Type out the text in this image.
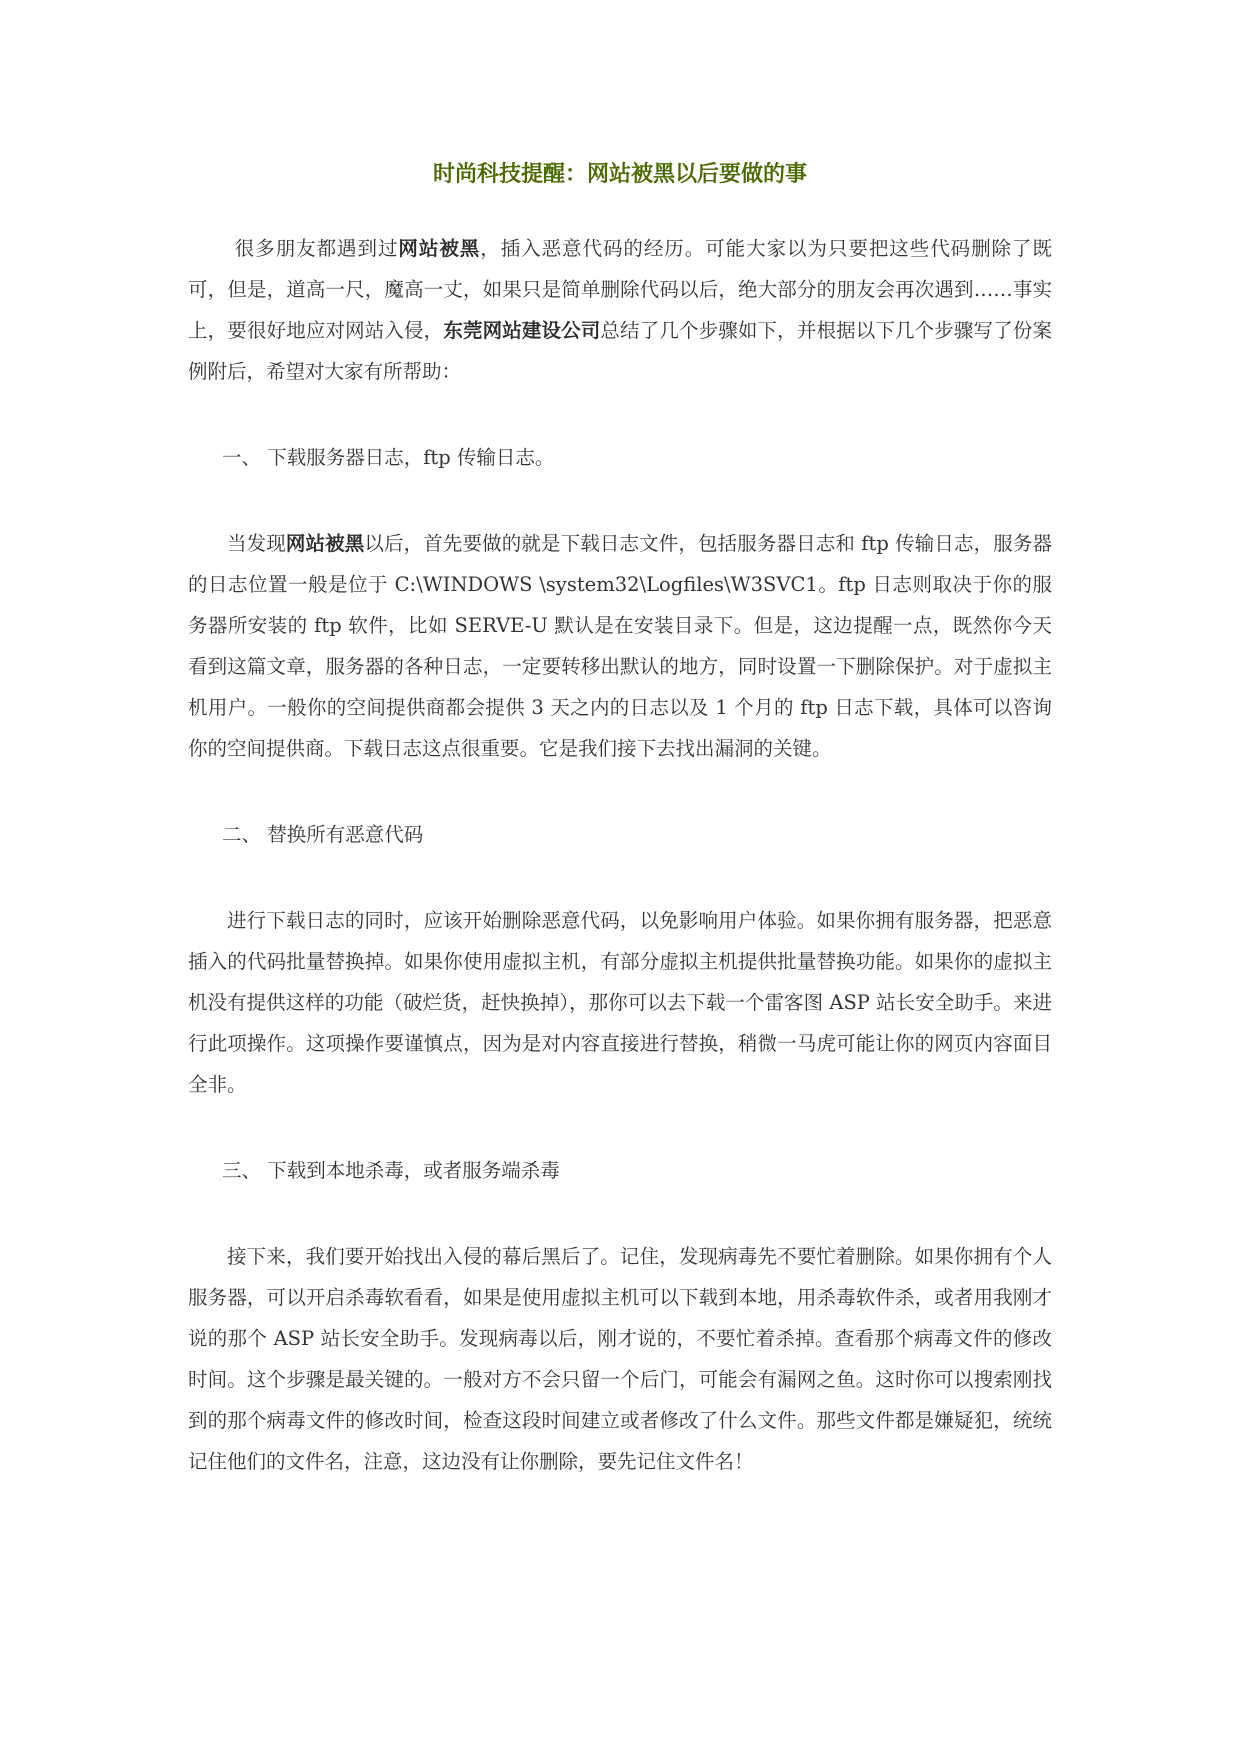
时尚科技提醒：网站被黑以后要做的事

很多朋友都遇到过网站被黑，插入恶意代码的经历。可能大家以为只要把这些代码删除了既可，但是，道高一尺，魔高一丈，如果只是简单删除代码以后，绝大部分的朋友会再次遇到……事实上，要很好地应对网站入侵，东莞网站建设公司总结了几个步骤如下，并根据以下几个步骤写了份案例附后，希望对大家有所帮助：

一、 下载服务器日志，ftp 传输日志。

当发现网站被黑以后，首先要做的就是下载日志文件，包括服务器日志和 ftp 传输日志，服务器的日志位置一般是位于 C:\WINDOWS \system32\Logfiles\W3SVC1。ftp 日志则取决于你的服务器所安装的 ftp 软件，比如 SERVE-U 默认是在安装目录下。但是，这边提醒一点，既然你今天看到这篇文章，服务器的各种日志，一定要转移出默认的地方，同时设置一下删除保护。对于虚拟主机用户。一般你的空间提供商都会提供 3 天之内的日志以及 1 个月的 ftp 日志下载，具体可以咨询你的空间提供商。下载日志这点很重要。它是我们接下去找出漏洞的关键。

二、 替换所有恶意代码

进行下载日志的同时，应该开始删除恶意代码，以免影响用户体验。如果你拥有服务器，把恶意插入的代码批量替换掉。如果你使用虚拟主机，有部分虚拟主机提供批量替换功能。如果你的虚拟主机没有提供这样的功能（破烂货，赶快换掉），那你可以去下载一个雷客图 ASP 站长安全助手。来进行此项操作。这项操作要谨慎点，因为是对内容直接进行替换，稍微一马虎可能让你的网页内容面目全非。

三、 下载到本地杀毒，或者服务端杀毒

接下来，我们要开始找出入侵的幕后黑后了。记住，发现病毒先不要忙着删除。如果你拥有个人服务器，可以开启杀毒软看看，如果是使用虚拟主机可以下载到本地，用杀毒软件杀，或者用我刚才说的那个 ASP 站长安全助手。发现病毒以后，刚才说的，不要忙着杀掉。查看那个病毒文件的修改时间。这个步骤是最关键的。一般对方不会只留一个后门，可能会有漏网之鱼。这时你可以搜索刚找到的那个病毒文件的修改时间，检查这段时间建立或者修改了什么文件。那些文件都是嫌疑犯，统统记住他们的文件名，注意，这边没有让你删除，要先记住文件名！
